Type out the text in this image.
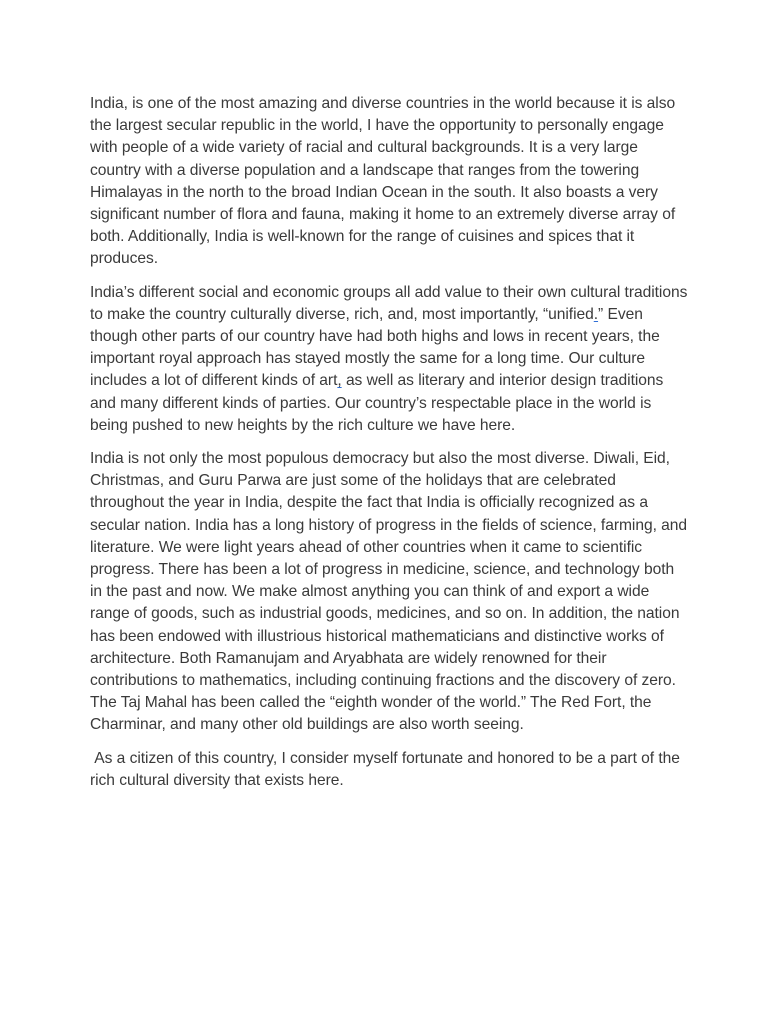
India, is one of the most amazing and diverse countries in the world because it is also the largest secular republic in the world, I have the opportunity to personally engage with people of a wide variety of racial and cultural backgrounds. It is a very large country with a diverse population and a landscape that ranges from the towering Himalayas in the north to the broad Indian Ocean in the south. It also boasts a very significant number of flora and fauna, making it home to an extremely diverse array of both. Additionally, India is well-known for the range of cuisines and spices that it produces.

India’s different social and economic groups all add value to their own cultural traditions to make the country culturally diverse, rich, and, most importantly, “unified.” Even though other parts of our country have had both highs and lows in recent years, the important royal approach has stayed mostly the same for a long time. Our culture includes a lot of different kinds of art, as well as literary and interior design traditions and many different kinds of parties. Our country’s respectable place in the world is being pushed to new heights by the rich culture we have here.

India is not only the most populous democracy but also the most diverse. Diwali, Eid, Christmas, and Guru Parwa are just some of the holidays that are celebrated throughout the year in India, despite the fact that India is officially recognized as a secular nation. India has a long history of progress in the fields of science, farming, and literature. We were light years ahead of other countries when it came to scientific progress. There has been a lot of progress in medicine, science, and technology both in the past and now. We make almost anything you can think of and export a wide range of goods, such as industrial goods, medicines, and so on. In addition, the nation has been endowed with illustrious historical mathematicians and distinctive works of architecture. Both Ramanujam and Aryabhata are widely renowned for their contributions to mathematics, including continuing fractions and the discovery of zero. The Taj Mahal has been called the “eighth wonder of the world.” The Red Fort, the Charminar, and many other old buildings are also worth seeing.

As a citizen of this country, I consider myself fortunate and honored to be a part of the rich cultural diversity that exists here.
